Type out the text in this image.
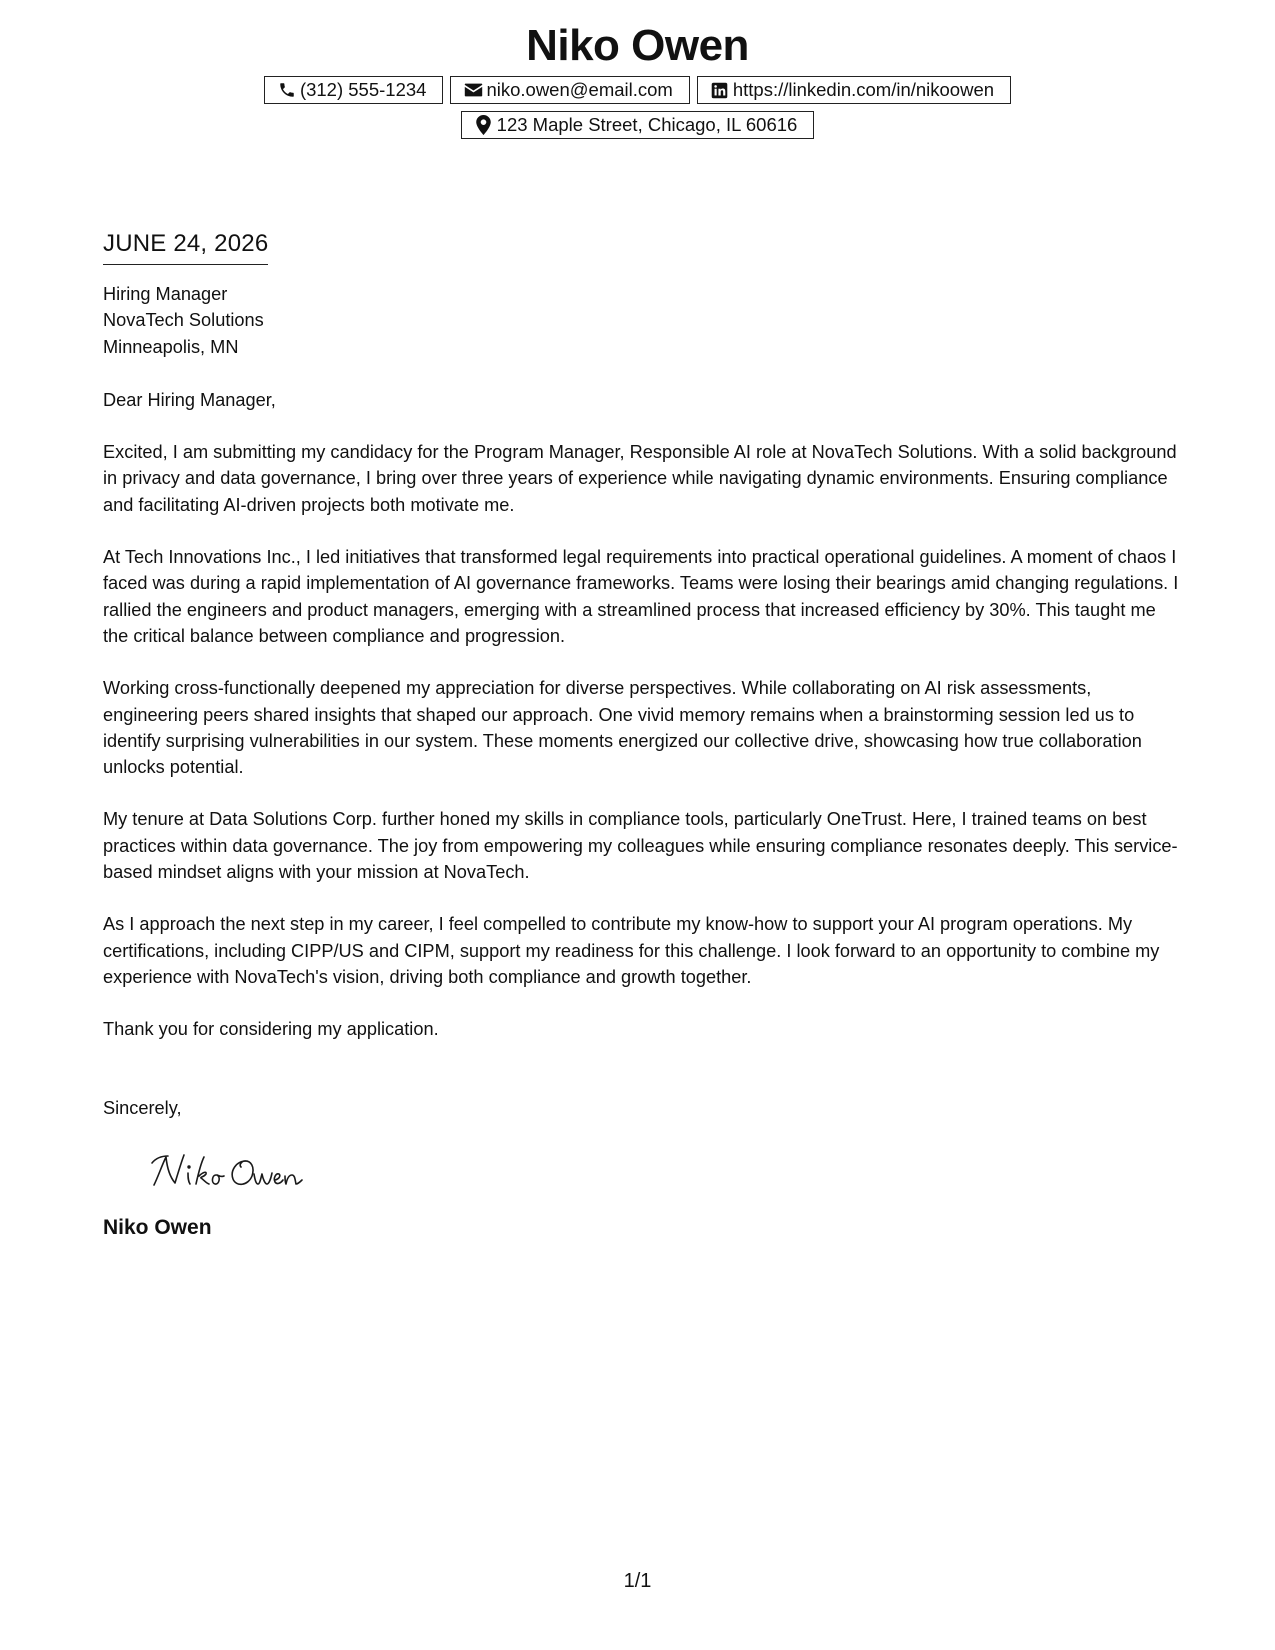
Niko Owen
(312) 555-1234	niko.owen@email.com	https://linkedin.com/in/nikoowen
123 Maple Street, Chicago, IL 60616
JUNE 24, 2026
Hiring Manager
NovaTech Solutions
Minneapolis, MN
Dear Hiring Manager,
Excited, I am submitting my candidacy for the Program Manager, Responsible AI role at NovaTech Solutions. With a solid background in privacy and data governance, I bring over three years of experience while navigating dynamic environments. Ensuring compliance and facilitating AI-driven projects both motivate me.
At Tech Innovations Inc., I led initiatives that transformed legal requirements into practical operational guidelines. A moment of chaos I faced was during a rapid implementation of AI governance frameworks. Teams were losing their bearings amid changing regulations. I rallied the engineers and product managers, emerging with a streamlined process that increased efficiency by 30%. This taught me the critical balance between compliance and progression.
Working cross-functionally deepened my appreciation for diverse perspectives. While collaborating on AI risk assessments, engineering peers shared insights that shaped our approach. One vivid memory remains when a brainstorming session led us to identify surprising vulnerabilities in our system. These moments energized our collective drive, showcasing how true collaboration unlocks potential.
My tenure at Data Solutions Corp. further honed my skills in compliance tools, particularly OneTrust. Here, I trained teams on best practices within data governance. The joy from empowering my colleagues while ensuring compliance resonates deeply. This service-based mindset aligns with your mission at NovaTech.
As I approach the next step in my career, I feel compelled to contribute my know-how to support your AI program operations. My certifications, including CIPP/US and CIPM, support my readiness for this challenge. I look forward to an opportunity to combine my experience with NovaTech's vision, driving both compliance and growth together.
Thank you for considering my application.
Sincerely,
Niko Owen
1/1
